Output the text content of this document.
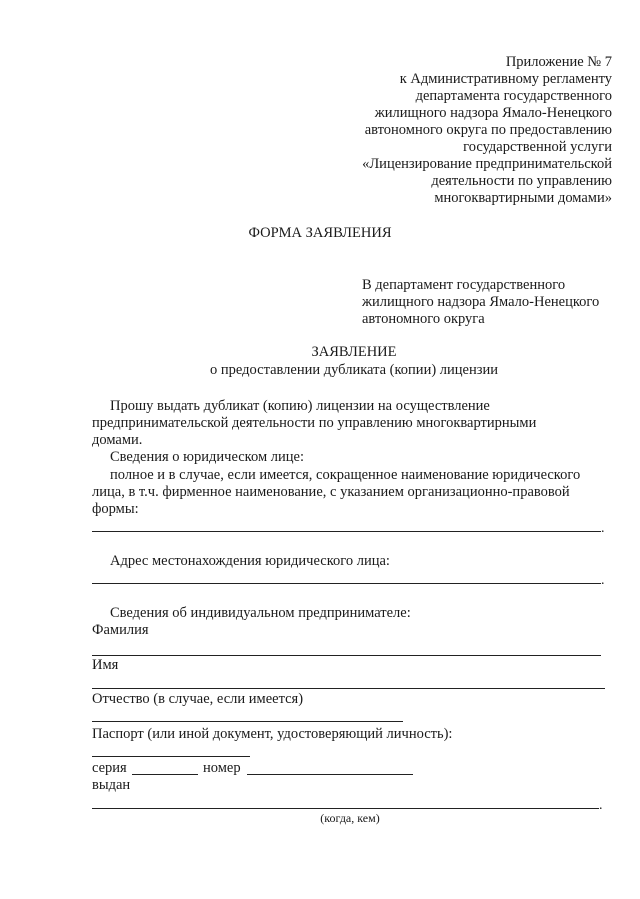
Приложение № 7
к Административному регламенту
департамента государственного
жилищного надзора Ямало-Ненецкого
автономного округа по предоставлению
государственной услуги
«Лицензирование предпринимательской
деятельности по управлению
многоквартирными домами»
ФОРМА ЗАЯВЛЕНИЯ
В департамент государственного
жилищного надзора Ямало-Ненецкого
автономного округа
ЗАЯВЛЕНИЕ
о предоставлении дубликата (копии) лицензии
Прошу выдать дубликат (копию) лицензии на осуществление
предпринимательской деятельности по управлению многоквартирными
домами.
Сведения о юридическом лице:
полное и в случае, если имеется, сокращенное наименование юридического
лица, в т.ч. фирменное наименование, с указанием организационно-правовой
формы:
.
Адрес местонахождения юридического лица:
.
Сведения об индивидуальном предпринимателе:
Фамилия
Имя
Отчество (в случае, если имеется)
Паспорт (или иной документ, удостоверяющий личность):
серия	номер
выдан
.
(когда, кем)
